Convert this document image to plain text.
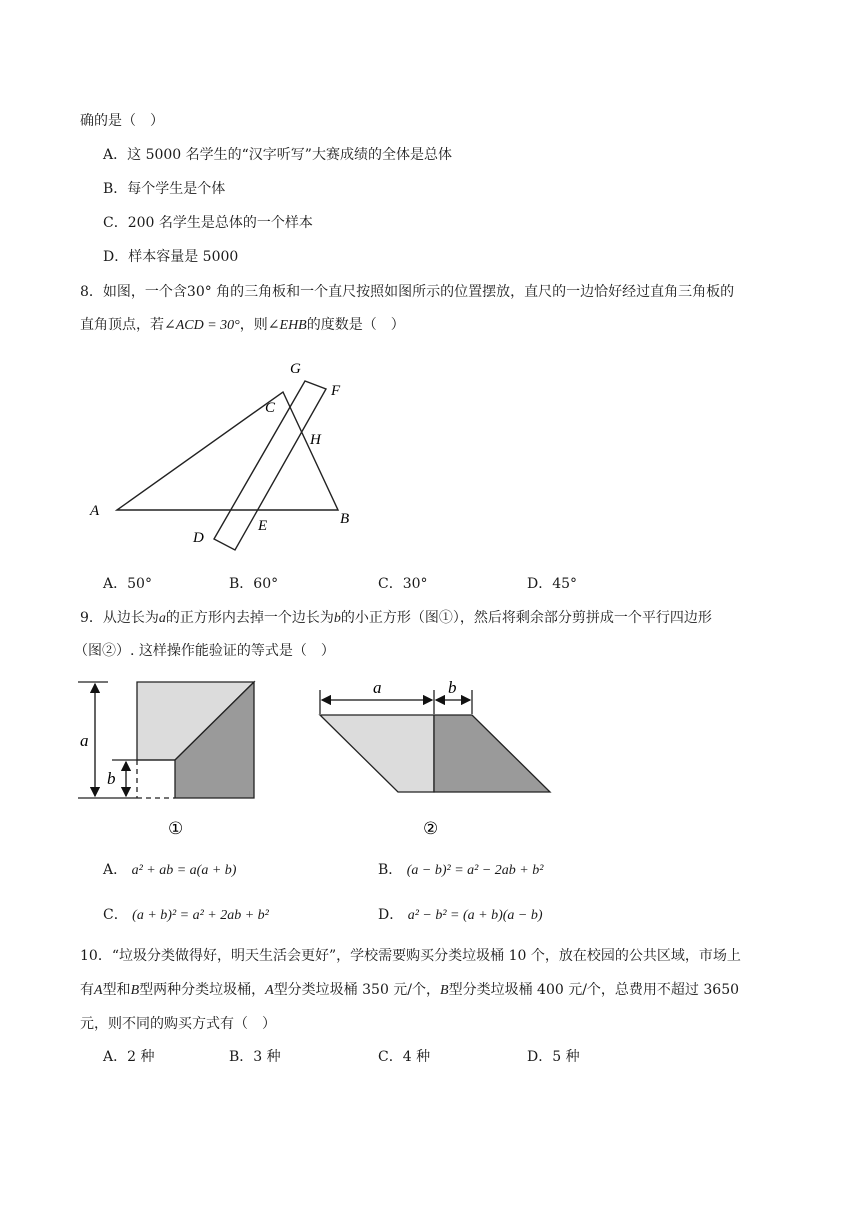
确的是（　）
A．这 5000 名学生的“汉字听写”大赛成绩的全体是总体
B．每个学生是个体
C．200 名学生是总体的一个样本
D．样本容量是 5000
8．如图，一个含30° 角的三角板和一个直尺按照如图所示的位置摆放，直尺的一边恰好经过直角三角板的
直角顶点，若∠ACD = 30°，则∠EHB的度数是（　）
A	B
C
D
E
F
G
H
A．50°	B．60°	C．30°	D．45°
9．从边长为a的正方形内去掉一个边长为b的小正方形（图①），然后将剩余部分剪拼成一个平行四边形
（图②）. 这样操作能验证的等式是（　）
a
b
①
a	b
②
A． a² + ab = a(a + b)	B． (a − b)² = a² − 2ab + b²
C． (a + b)² = a² + 2ab + b²	D． a² − b² = (a + b)(a − b)
10．“垃圾分类做得好，明天生活会更好”，学校需要购买分类垃圾桶 10 个，放在校园的公共区域，市场上
有A型和B型两种分类垃圾桶，A型分类垃圾桶 350 元/个，B型分类垃圾桶 400 元/个，总费用不超过 3650
元，则不同的购买方式有（　）
A．2 种	B．3 种	C．4 种	D．5 种
